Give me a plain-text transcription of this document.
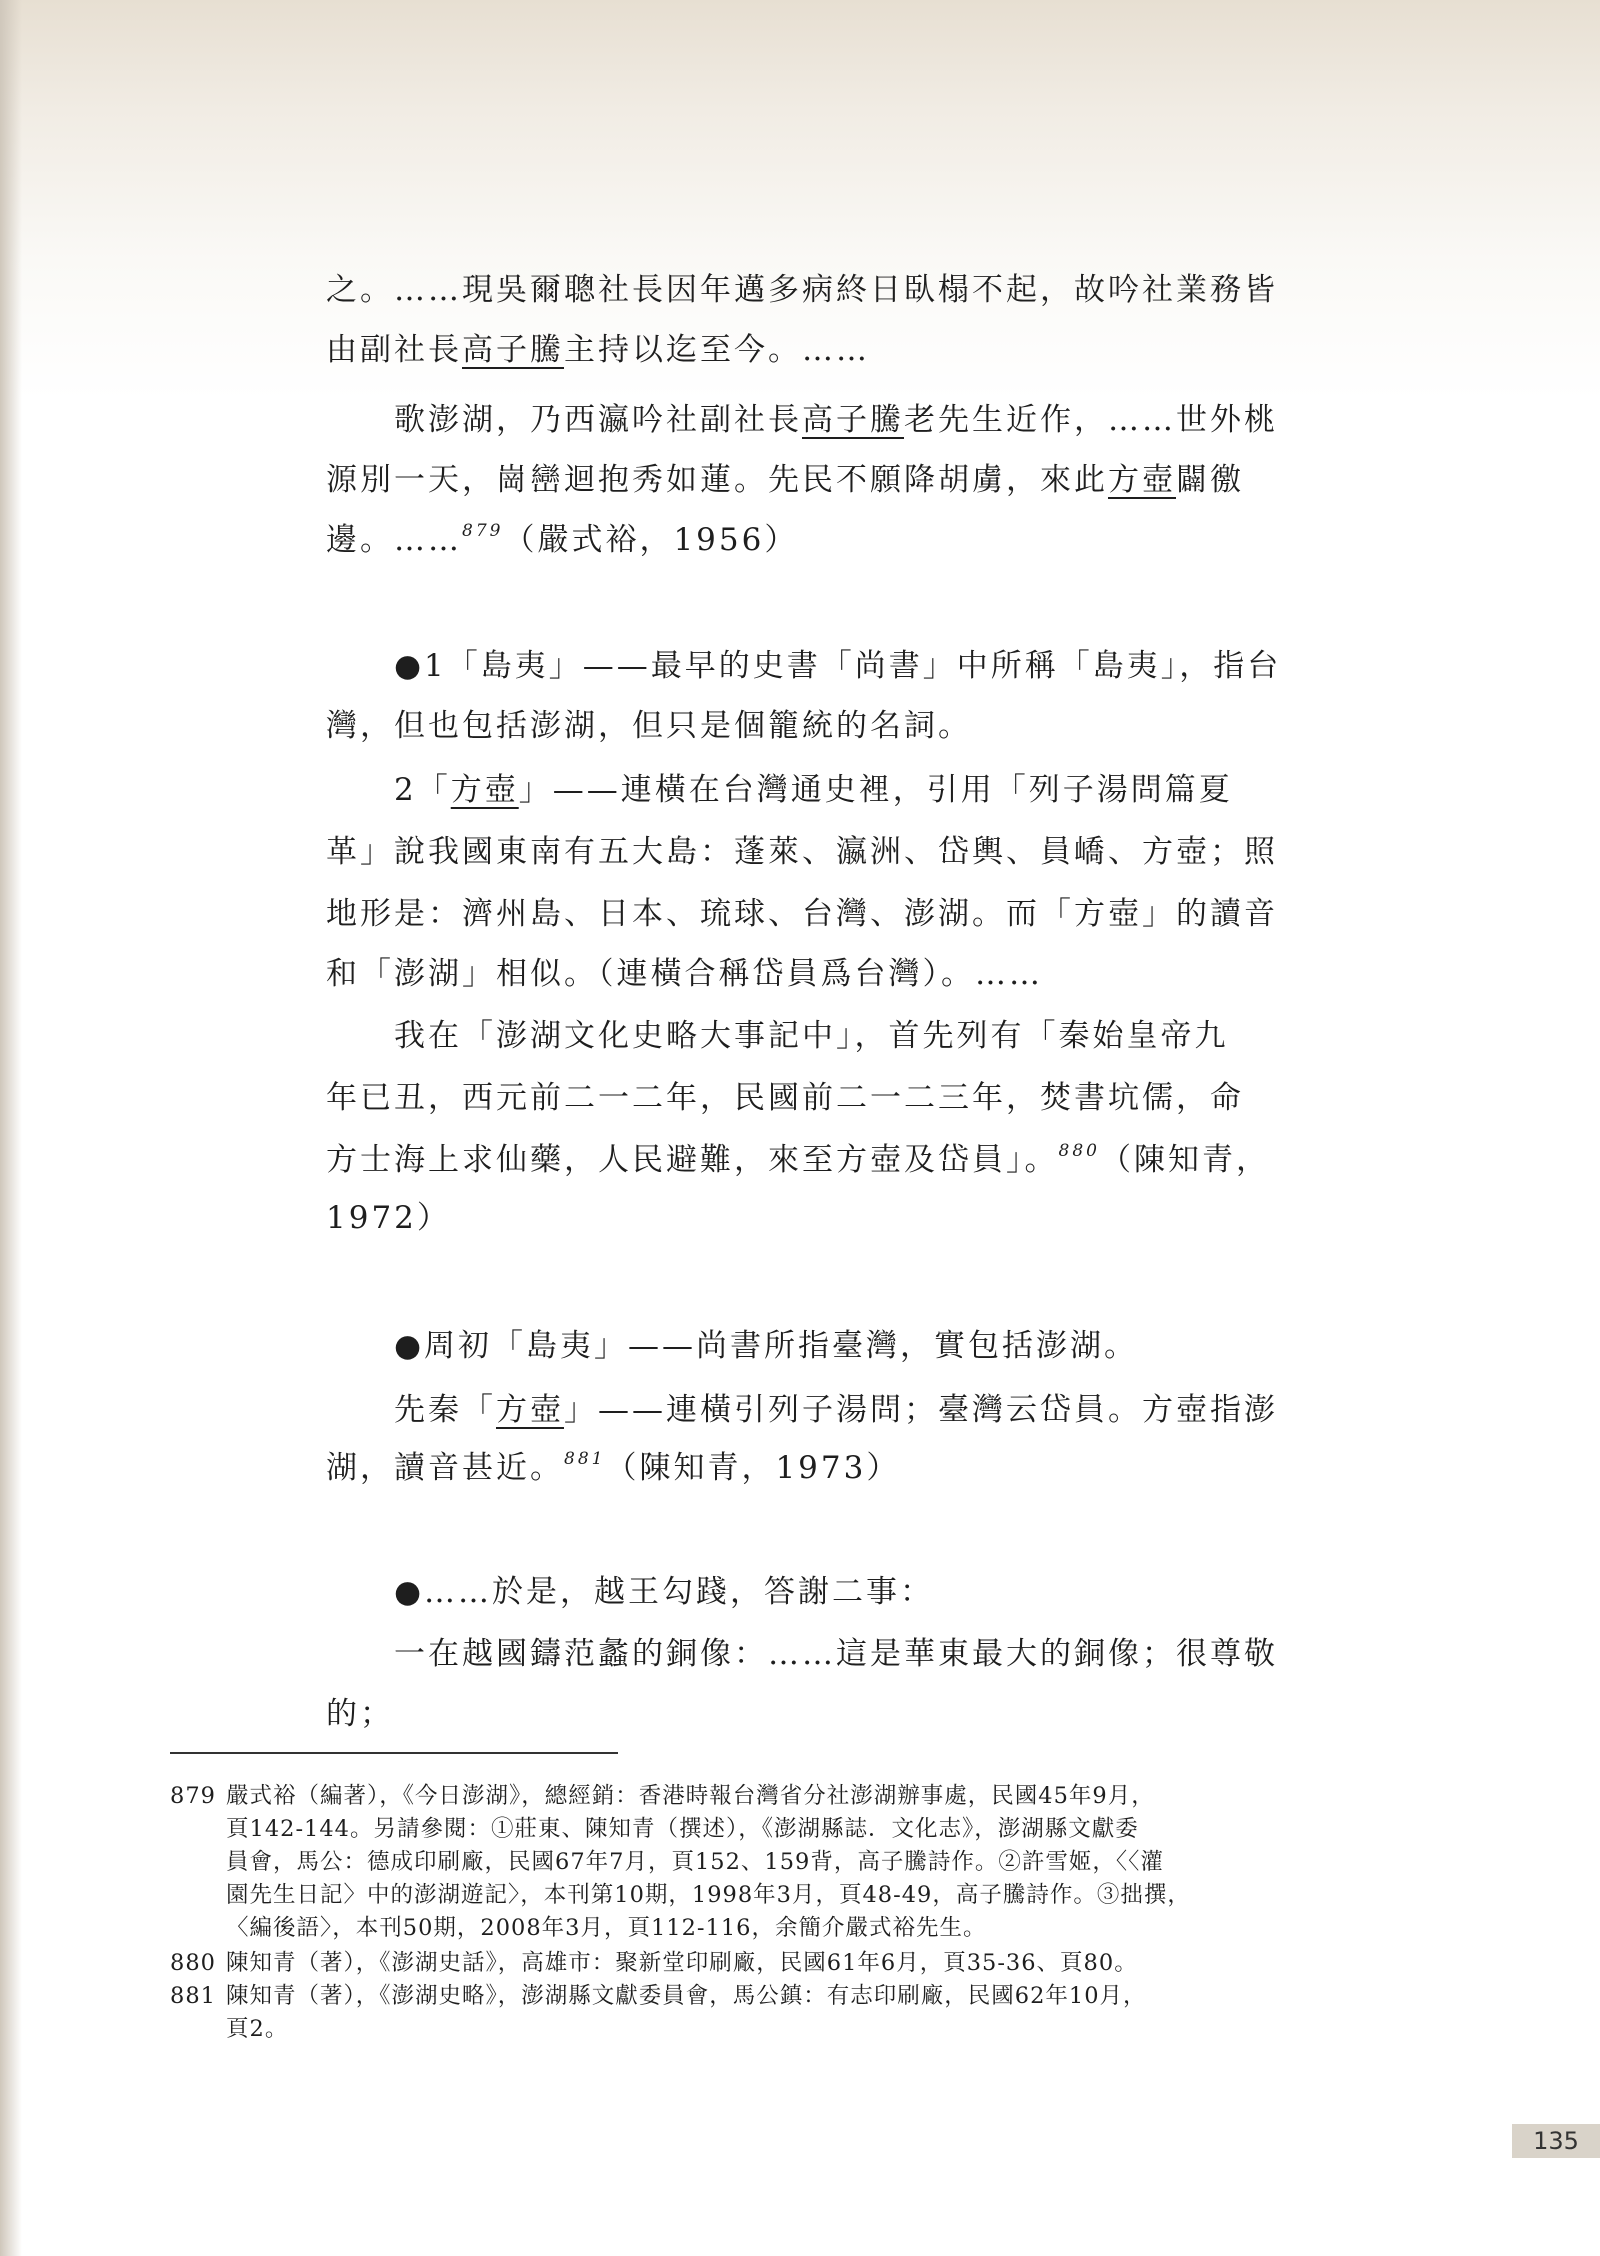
之。……現吳爾聰社長因年邁多病終日臥榻不起，故吟社業務皆
由副社長高子騰主持以迄至今。……
歌澎湖，乃西瀛吟社副社長高子騰老先生近作，……世外桃
源別一天，崗巒迴抱秀如蓮。先民不願降胡虜，來此方壺闢徼
邊。……$^{879}$（嚴式裕，1956）
●1「島夷」——最早的史書「尚書」中所稱「島夷」，指台
灣，但也包括澎湖，但只是個籠統的名詞。
2「方壺」——連橫在台灣通史裡，引用「列子湯問篇夏
革」說我國東南有五大島：蓬萊、瀛洲、岱輿、員嶠、方壺；照
地形是：濟州島、日本、琉球、台灣、澎湖。而「方壺」的讀音
和「澎湖」相似。（連橫合稱岱員爲台灣）。……
我在「澎湖文化史略大事記中」，首先列有「秦始皇帝九
年已丑，西元前二一二年，民國前二一二三年，焚書坑儒，命
方士海上求仙藥，人民避難，來至方壺及岱員」。$^{880}$（陳知青，
1972）
●周初「島夷」——尚書所指臺灣，實包括澎湖。
先秦「方壺」——連橫引列子湯問；臺灣云岱員。方壺指澎
湖，讀音甚近。$^{881}$（陳知青，1973）
●……於是，越王勾踐，答謝二事：
一在越國鑄范蠡的銅像：……這是華東最大的銅像；很尊敬
的；
879 嚴式裕（編著），《今日澎湖》，總經銷：香港時報台灣省分社澎湖辦事處，民國45年9月，
頁142-144。另請參閱：①莊東、陳知青（撰述），《澎湖縣誌．文化志》，澎湖縣文獻委
員會，馬公：德成印刷廠，民國67年7月，頁152、159背，高子騰詩作。②許雪姬，〈〈灌
園先生日記〉中的澎湖遊記〉，本刊第10期，1998年3月，頁48-49，高子騰詩作。③拙撰，
〈編後語〉，本刊50期，2008年3月，頁112-116，余簡介嚴式裕先生。
880 陳知青（著），《澎湖史話》，高雄市：聚新堂印刷廠，民國61年6月，頁35-36、頁80。
881 陳知青（著），《澎湖史略》，澎湖縣文獻委員會，馬公鎮：有志印刷廠，民國62年10月，
頁2。
135
